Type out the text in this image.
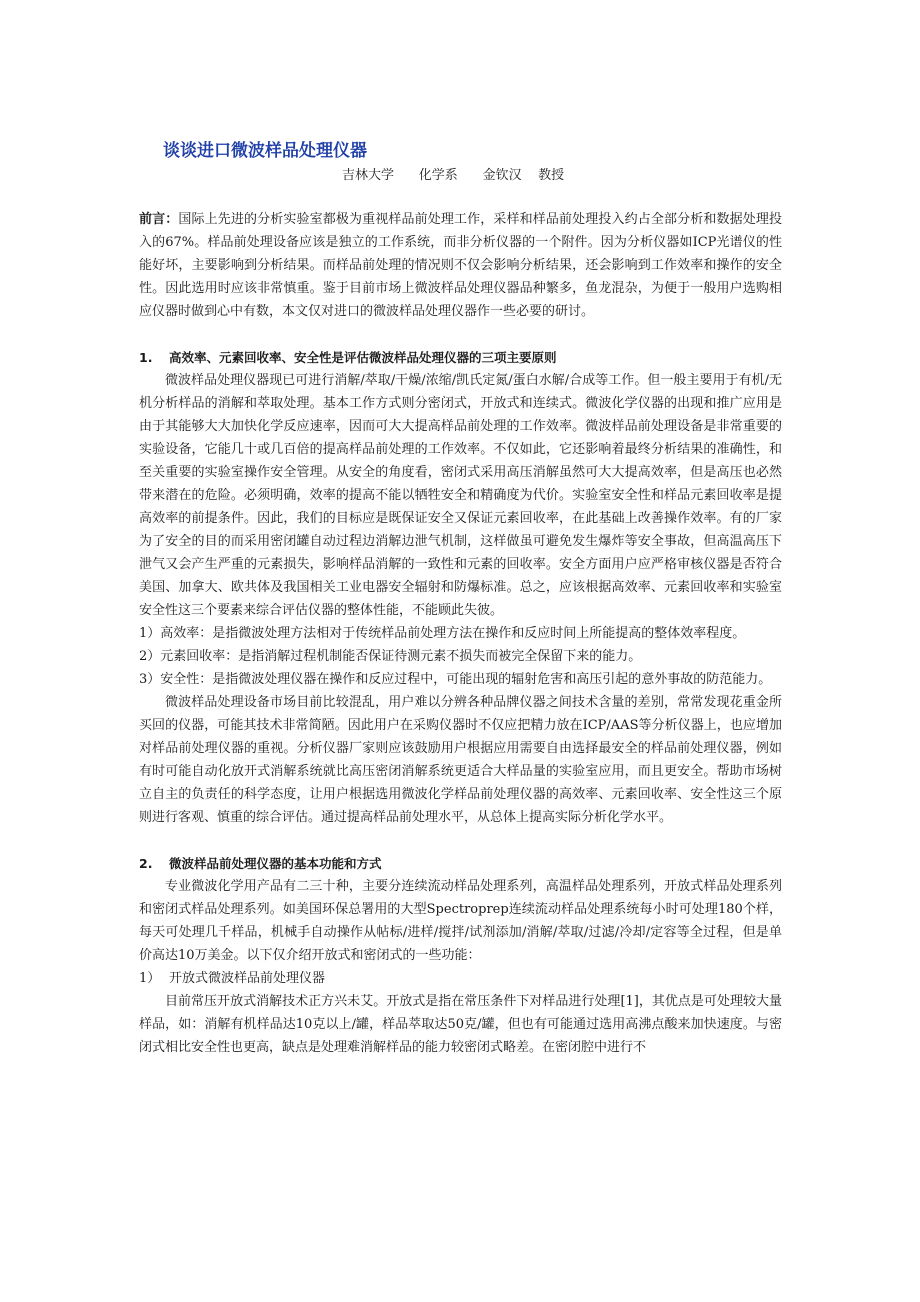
谈谈进口微波样品处理仪器
吉林大学      化学系      金钦汉    教授

前言：国际上先进的分析实验室都极为重视样品前处理工作，采样和样品前处理投入约占全部分析和数据处理投入的67%。样品前处理设备应该是独立的工作系统，而非分析仪器的一个附件。因为分析仪器如ICP光谱仪的性能好坏，主要影响到分析结果。而样品前处理的情况则不仅会影响分析结果，还会影响到工作效率和操作的安全性。因此选用时应该非常慎重。鉴于目前市场上微波样品处理仪器品种繁多，鱼龙混杂，为便于一般用户选购相应仪器时做到心中有数，本文仅对进口的微波样品处理仪器作一些必要的研讨。

1. 高效率、元素回收率、安全性是评估微波样品处理仪器的三项主要原则

微波样品处理仪器现已可进行消解/萃取/干燥/浓缩/凯氏定氮/蛋白水解/合成等工作。但一般主要用于有机/无机分析样品的消解和萃取处理。基本工作方式则分密闭式，开放式和连续式。微波化学仪器的出现和推广应用是由于其能够大大加快化学反应速率，因而可大大提高样品前处理的工作效率。微波样品前处理设备是非常重要的实验设备，它能几十或几百倍的提高样品前处理的工作效率。不仅如此，它还影响着最终分析结果的准确性，和至关重要的实验室操作安全管理。从安全的角度看，密闭式采用高压消解虽然可大大提高效率，但是高压也必然带来潜在的危险。必须明确，效率的提高不能以牺牲安全和精确度为代价。实验室安全性和样品元素回收率是提高效率的前提条件。因此，我们的目标应是既保证安全又保证元素回收率，在此基础上改善操作效率。有的厂家为了安全的目的而采用密闭罐自动过程边消解边泄气机制，这样做虽可避免发生爆炸等安全事故，但高温高压下泄气又会产生严重的元素损失，影响样品消解的一致性和元素的回收率。安全方面用户应严格审核仪器是否符合美国、加拿大、欧共体及我国相关工业电器安全辐射和防爆标准。总之，应该根据高效率、元素回收率和实验室安全性这三个要素来综合评估仪器的整体性能，不能顾此失彼。

1）高效率：是指微波处理方法相对于传统样品前处理方法在操作和反应时间上所能提高的整体效率程度。

2）元素回收率：是指消解过程机制能否保证待测元素不损失而被完全保留下来的能力。

3）安全性：是指微波处理仪器在操作和反应过程中，可能出现的辐射危害和高压引起的意外事故的防范能力。

微波样品处理设备市场目前比较混乱，用户难以分辨各种品牌仪器之间技术含量的差别，常常发现花重金所买回的仪器，可能其技术非常简陋。因此用户在采购仪器时不仅应把精力放在ICP/AAS等分析仪器上，也应增加对样品前处理仪器的重视。分析仪器厂家则应该鼓励用户根据应用需要自由选择最安全的样品前处理仪器，例如有时可能自动化放开式消解系统就比高压密闭消解系统更适合大样品量的实验室应用，而且更安全。帮助市场树立自主的负责任的科学态度，让用户根据选用微波化学样品前处理仪器的高效率、元素回收率、安全性这三个原则进行客观、慎重的综合评估。通过提高样品前处理水平，从总体上提高实际分析化学水平。

2. 微波样品前处理仪器的基本功能和方式

专业微波化学用产品有二三十种，主要分连续流动样品处理系列，高温样品处理系列，开放式样品处理系列和密闭式样品处理系列。如美国环保总署用的大型Spectroprep连续流动样品处理系统每小时可处理180个样，每天可处理几千样品，机械手自动操作从帖标/进样/搅拌/试剂添加/消解/萃取/过滤/冷却/定容等全过程，但是单价高达10万美金。以下仅介绍开放式和密闭式的一些功能：

1） 开放式微波样品前处理仪器

目前常压开放式消解技术正方兴未艾。开放式是指在常压条件下对样品进行处理[1]，其优点是可处理较大量样品，如：消解有机样品达10克以上/罐，样品萃取达50克/罐，但也有可能通过选用高沸点酸来加快速度。与密闭式相比安全性也更高，缺点是处理难消解样品的能力较密闭式略差。在密闭腔中进行不
